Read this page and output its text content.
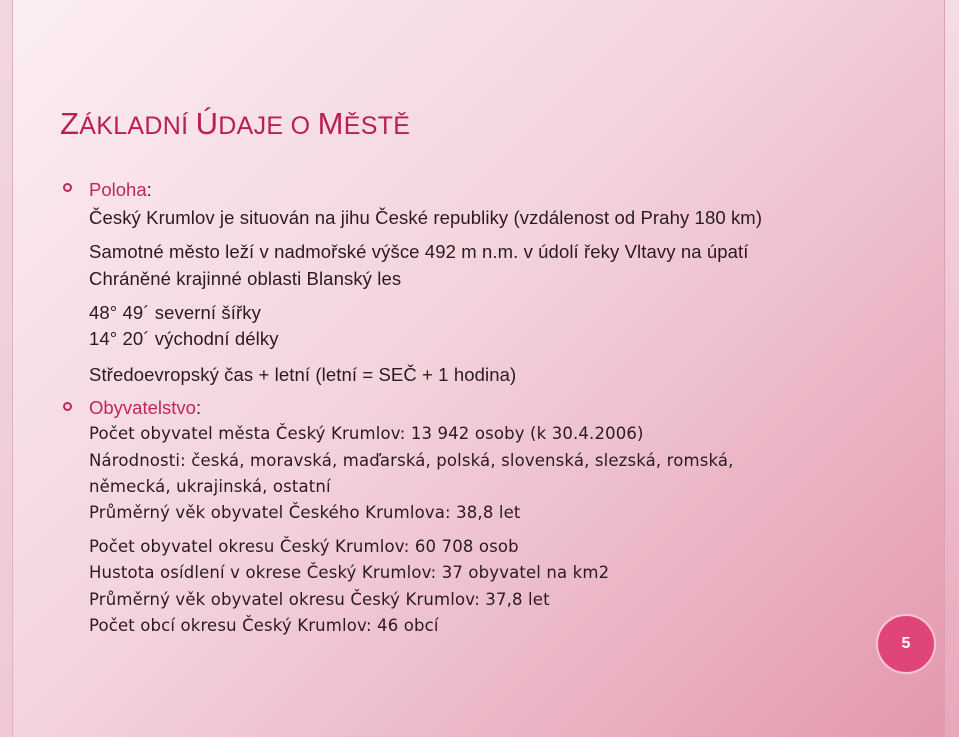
ZÁKLADNÍ ÚDAJE O MĚSTĚ
Poloha:
Český Krumlov je situován na jihu České republiky (vzdálenost od Prahy 180 km)
Samotné město leží v nadmořské výšce 492 m n.m. v údolí řeky Vltavy na úpatí
Chráněné krajinné oblasti Blanský les
48° 49´ severní šířky
14° 20´ východní délky
Středoevropský čas + letní (letní = SEČ + 1 hodina)
Obyvatelstvo:
Počet obyvatel města Český Krumlov: 13 942 osoby (k 30.4.2006)
Národnosti: česká, moravská, maďarská, polská, slovenská, slezská, romská,
německá, ukrajinská, ostatní
Průměrný věk obyvatel Českého Krumlova: 38,8 let
Počet obyvatel okresu Český Krumlov: 60 708 osob
Hustota osídlení v okrese Český Krumlov: 37 obyvatel na km2
Průměrný věk obyvatel okresu Český Krumlov: 37,8 let
Počet obcí okresu Český Krumlov: 46 obcí
5
